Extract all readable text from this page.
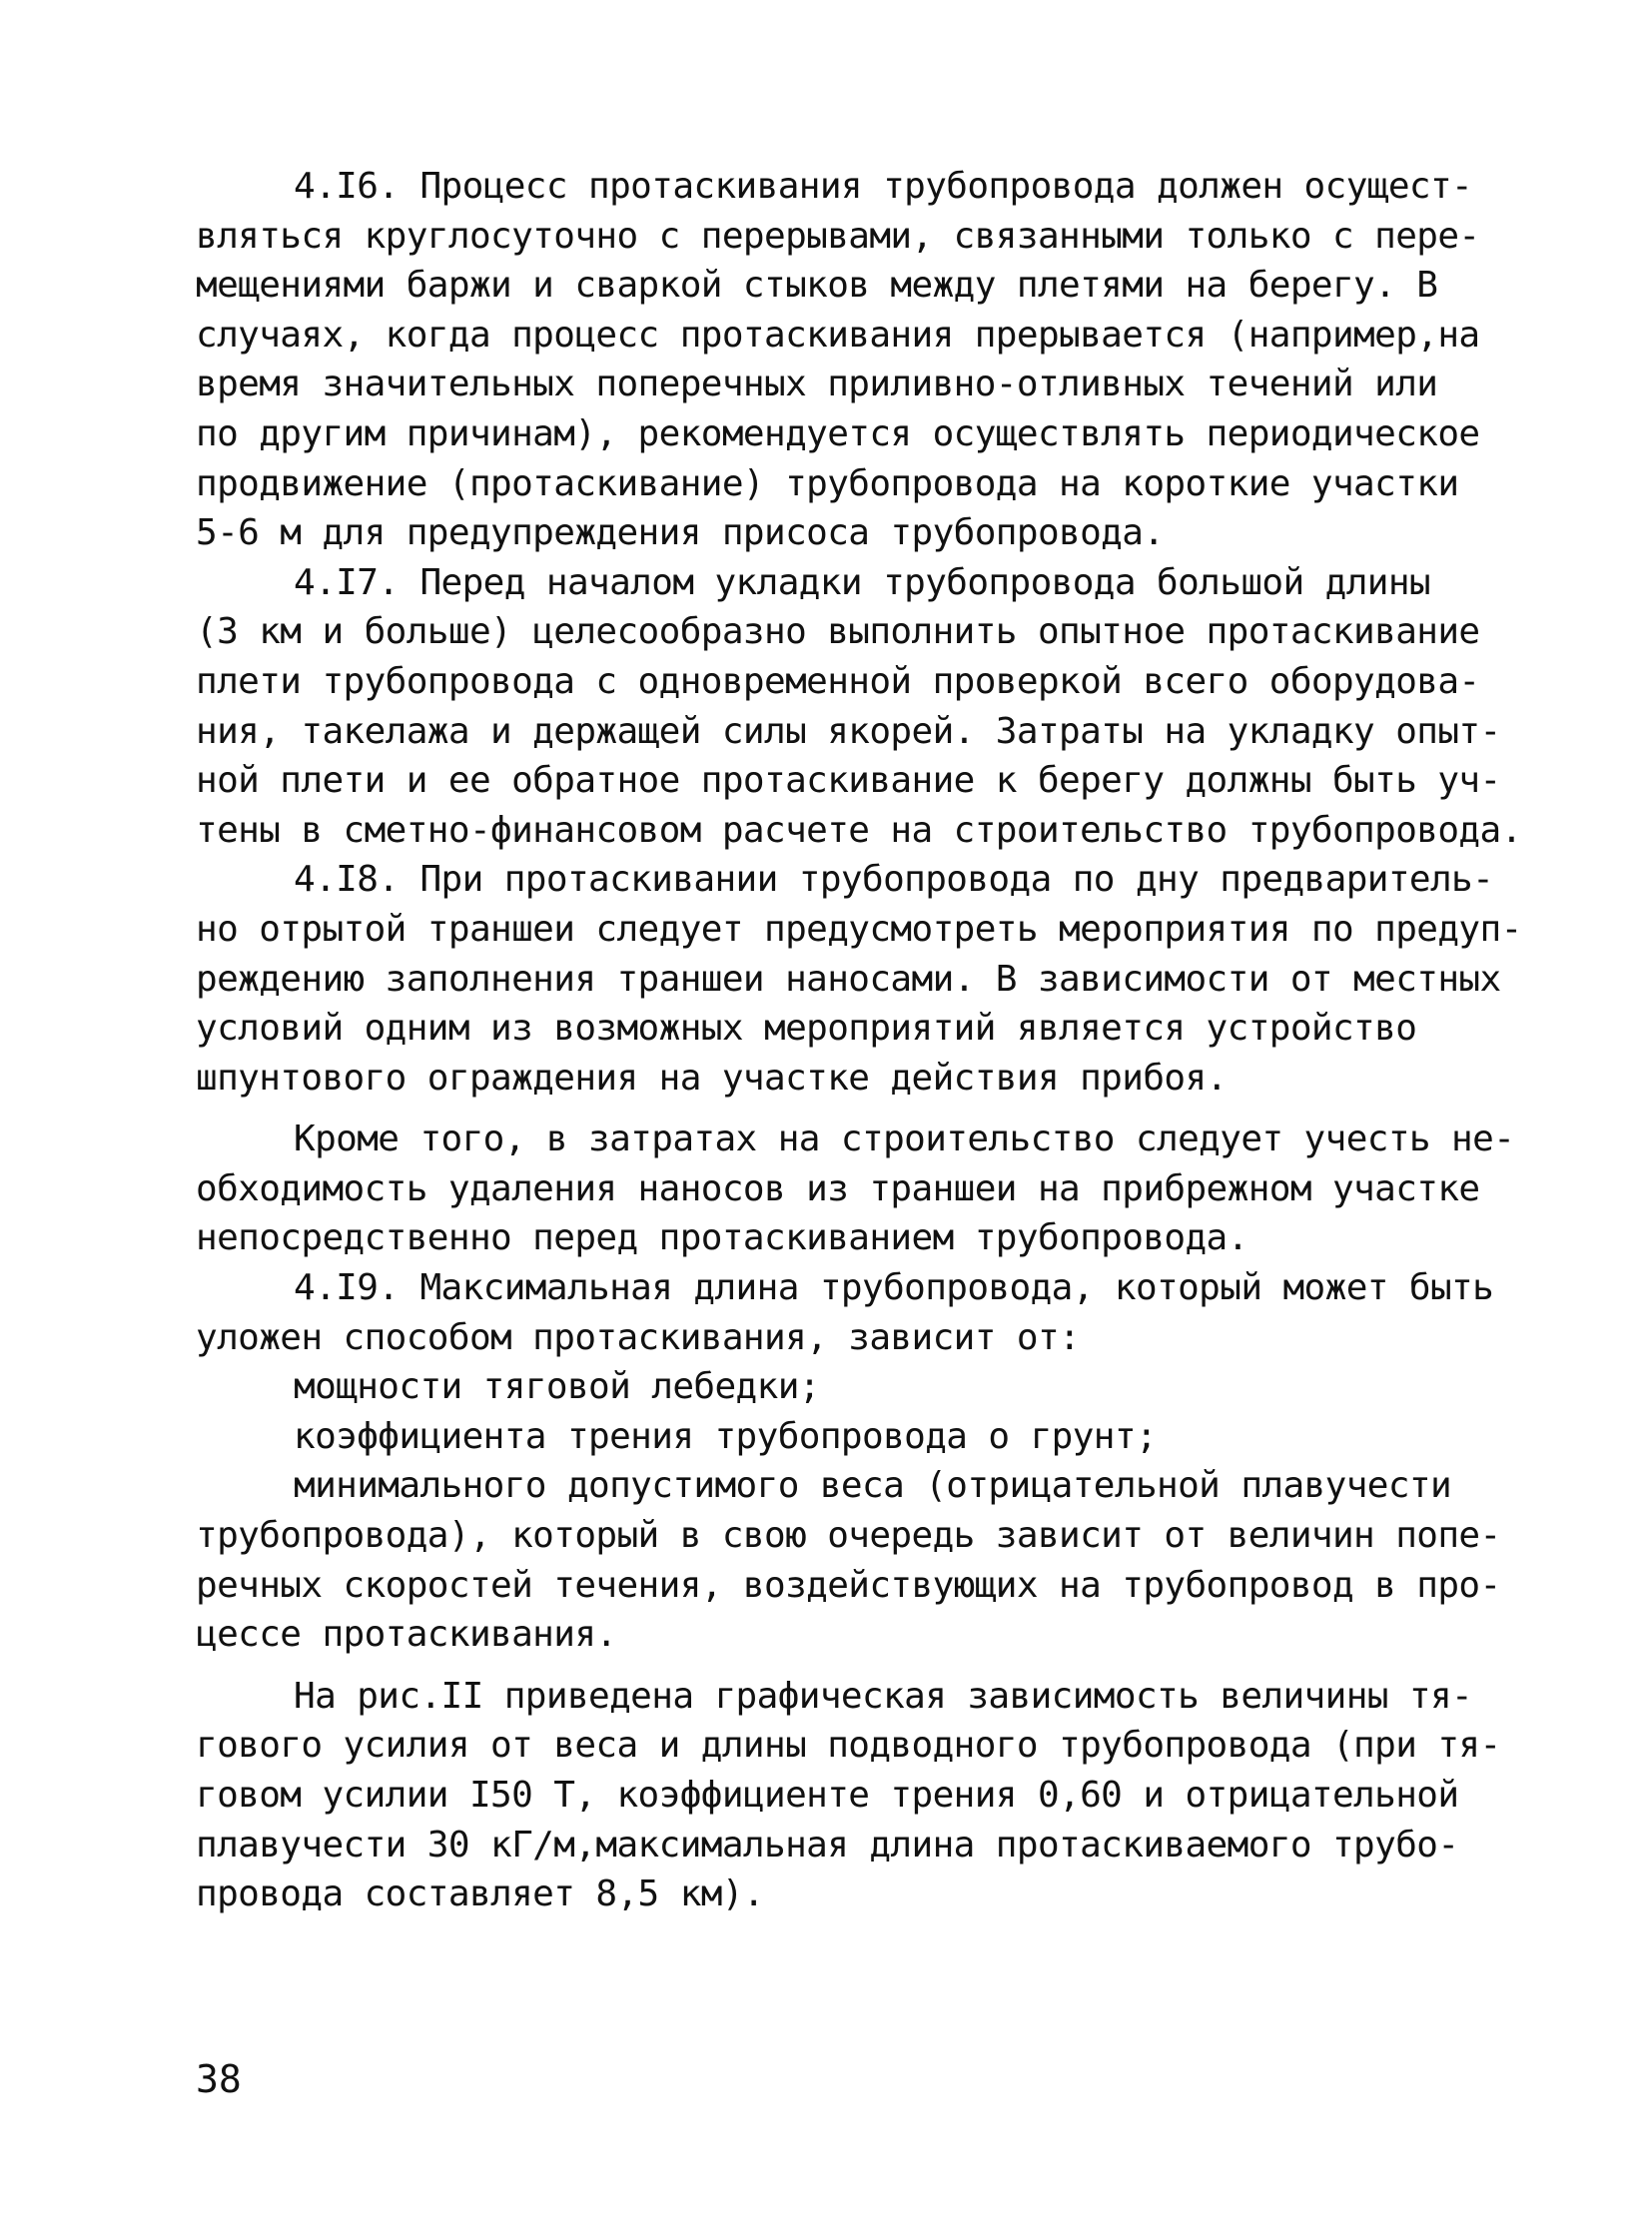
4.I6. Процесс протаскивания трубопровода должен осущест-
вляться круглосуточно с перерывами, связанными только с пере-
мещениями баржи и сваркой стыков между плетями на берегу. В
случаях, когда процесс протаскивания прерывается (например,на
время значительных поперечных приливно-отливных течений или
по другим причинам), рекомендуется осуществлять периодическое
продвижение (протаскивание) трубопровода на короткие участки
5-6 м для предупреждения присоса трубопровода.
4.I7. Перед началом укладки трубопровода большой длины
(3 км и больше) целесообразно выполнить опытное протаскивание
плети трубопровода с одновременной проверкой всего оборудова-
ния, такелажа и держащей силы якорей. Затраты на укладку опыт-
ной плети и ее обратное протаскивание к берегу должны быть уч-
тены в сметно-финансовом расчете на строительство трубопровода.
4.I8. При протаскивании трубопровода по дну предваритель-
но отрытой траншеи следует предусмотреть мероприятия по предуп-
реждению заполнения траншеи наносами. В зависимости от местных
условий одним из возможных мероприятий является устройство
шпунтового ограждения на участке действия прибоя.
Кроме того, в затратах на строительство следует учесть не-
обходимость удаления наносов из траншеи на прибрежном участке
непосредственно перед протаскиванием трубопровода.
4.I9. Максимальная длина трубопровода, который может быть
уложен способом протаскивания, зависит от:
мощности тяговой лебедки;
коэффициента трения трубопровода о грунт;
минимального допустимого веса (отрицательной плавучести
трубопровода), который в свою очередь зависит от величин попе-
речных скоростей течения, воздействующих на трубопровод в про-
цессе протаскивания.
На рис.II приведена графическая зависимость величины тя-
гового усилия от веса и длины подводного трубопровода (при тя-
говом усилии I50 Т, коэффициенте трения 0,60 и отрицательной
плавучести 30 кГ/м,максимальная длина протаскиваемого трубо-
провода составляет 8,5 км).
38
